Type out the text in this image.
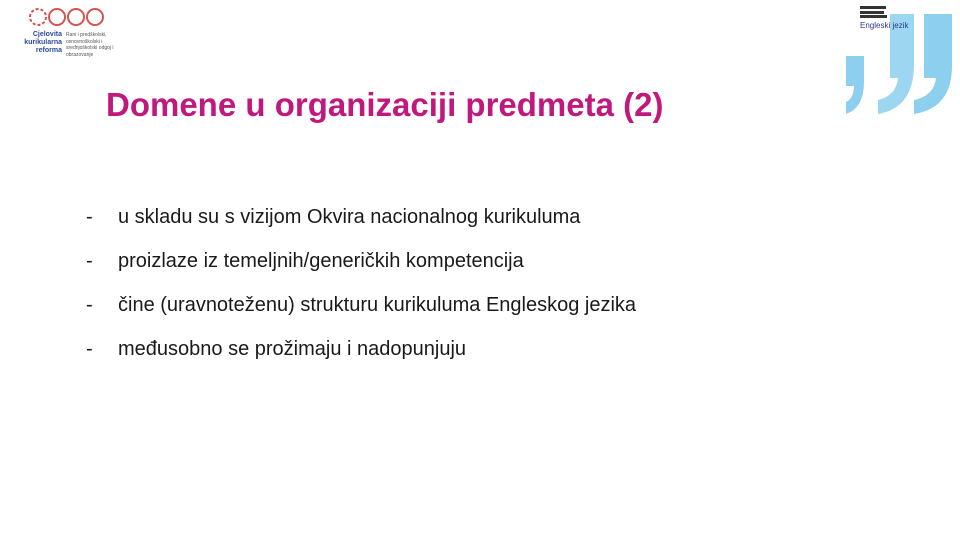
Cjelovita kurikularna reforma
Rani i predškolski, osnovnoškolski i srednjoškolski odgoj i obrazovanje
Engleski jezik
Domene u organizaciji predmeta (2)
-	u skladu su s vizijom Okvira nacionalnog kurikuluma
-	proizlaze iz temeljnih/generičkih kompetencija
-	čine (uravnoteženu) strukturu kurikuluma Engleskog jezika
-	međusobno se prožimaju i nadopunjuju
